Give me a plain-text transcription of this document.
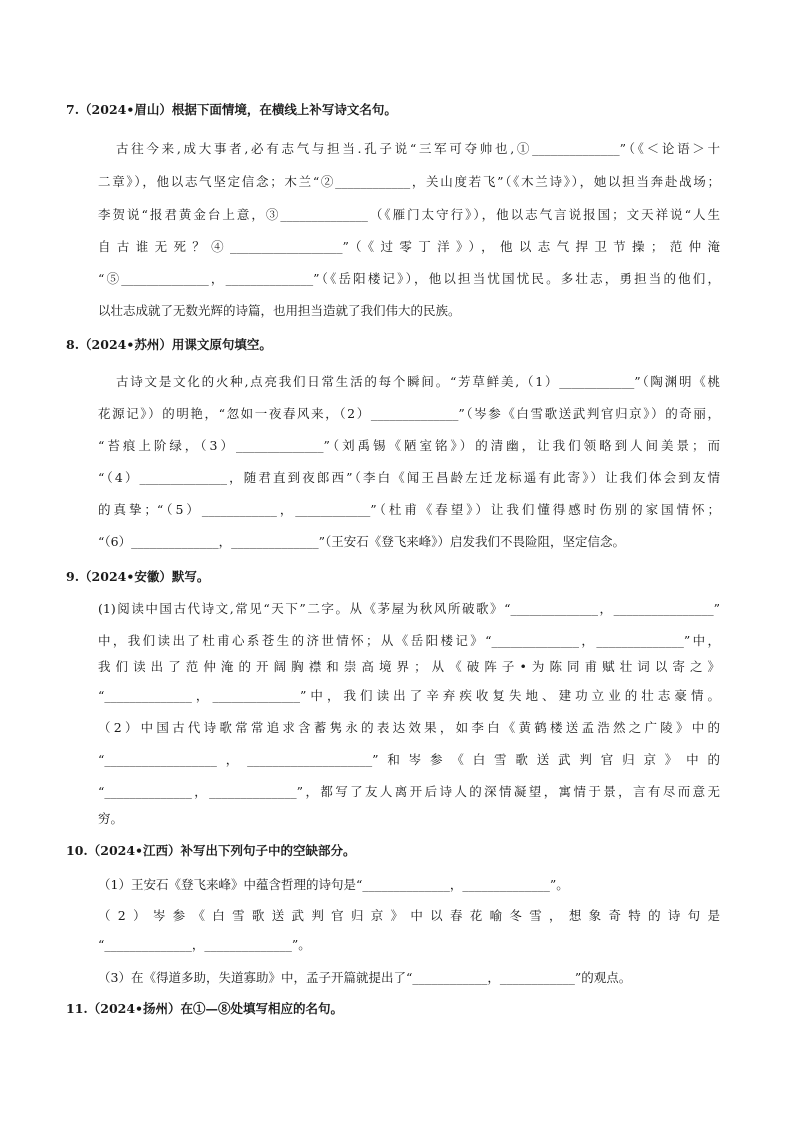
7.（2024•眉山）根据下面情境，在横线上补写诗文名句。
古往今来,成大事者,必有志气与担当.孔子说“三军可夺帅也,①______________”（《＜论语＞十
二章》），他以志气坚定信念；木兰“②____________，关山度若飞”（《木兰诗》），她以担当奔赴战场；
李贺说“报君黄金台上意，③______________（《雁门太守行》），他以志气言说报国；文天祥说“人生
自古谁无死？④__________________”（《过零丁洋》），他以志气捍卫节操；范仲淹
“⑤______________，______________”（《岳阳楼记》），他以担当忧国忧民。多壮志，勇担当的他们，
以壮志成就了无数光辉的诗篇，也用担当造就了我们伟大的民族。
8.（2024•苏州）用课文原句填空。
古诗文是文化的火种,点亮我们日常生活的每个瞬间。“芳草鲜美,（1）____________”（陶渊明《桃
花源记》）的明艳，“忽如一夜春风来，（2）______________”（岑参《白雪歌送武判官归京》）的奇丽，
“苔痕上阶绿，（3）______________”（刘禹锡《陋室铭》）的清幽，让我们领略到人间美景；而
“（4）______________，随君直到夜郎西”（李白《闻王昌龄左迁龙标遥有此寄》）让我们体会到友情
的真挚；“（5）____________，____________”（杜甫《春望》）让我们懂得感时伤别的家国情怀；
“（6）______________，______________”（王安石《登飞来峰》）启发我们不畏险阻，坚定信念。
9.（2024•安徽）默写。
(1)阅读中国古代诗文,常见“天下”二字。从《茅屋为秋风所破歌》“______________，________________”
中，我们读出了杜甫心系苍生的济世情怀；从《岳阳楼记》“______________，______________”中，
我们读出了范仲淹的开阔胸襟和崇高境界；从《破阵子•为陈同甫赋壮词以寄之》
“______________，______________”中，我们读出了辛弃疾收复失地、建功立业的壮志豪情。
（2）中国古代诗歌常常追求含蓄隽永的表达效果，如李白《黄鹤楼送孟浩然之广陵》中的
“__________________，____________________”和岑参《白雪歌送武判官归京》中的
“______________，______________”，都写了友人离开后诗人的深情凝望，寓情于景，言有尽而意无
穷。
10.（2024•江西）补写出下列句子中的空缺部分。
（1）王安石《登飞来峰》中蕴含哲理的诗句是“______________，______________”。
（2）岑参《白雪歌送武判官归京》中以春花喻冬雪，想象奇特的诗句是
“______________，______________”。
（3）在《得道多助，失道寡助》中，孟子开篇就提出了“____________，____________”的观点。
11.（2024•扬州）在①—⑧处填写相应的名句。
